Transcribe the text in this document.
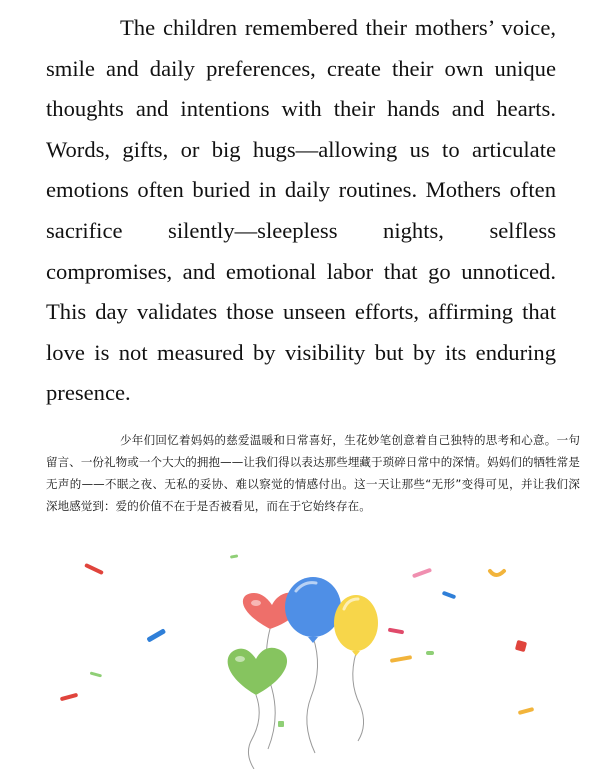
The children remembered their mothers’ voice, smile and daily preferences, create their own unique thoughts and intentions with their hands and hearts. Words, gifts, or big hugs—allowing us to articulate emotions often buried in daily routines. Mothers often sacrifice silently—sleepless nights, selfless compromises, and emotional labor that go unnoticed. This day validates those unseen efforts, affirming that love is not measured by visibility but by its enduring presence.

少年们回忆着妈妈的慈爱温暖和日常喜好，生花妙笔创意着自己独特的思考和心意。一句留言、一份礼物或一个大大的拥抱——让我们得以表达那些埋藏于琐碎日常中的深情。妈妈们的牺牲常是无声的——不眠之夜、无私的妥协、难以察觉的情感付出。这一天让那些“无形”变得可见，并让我们深深地感觉到：爱的价值不在于是否被看见，而在于它始终存在。
